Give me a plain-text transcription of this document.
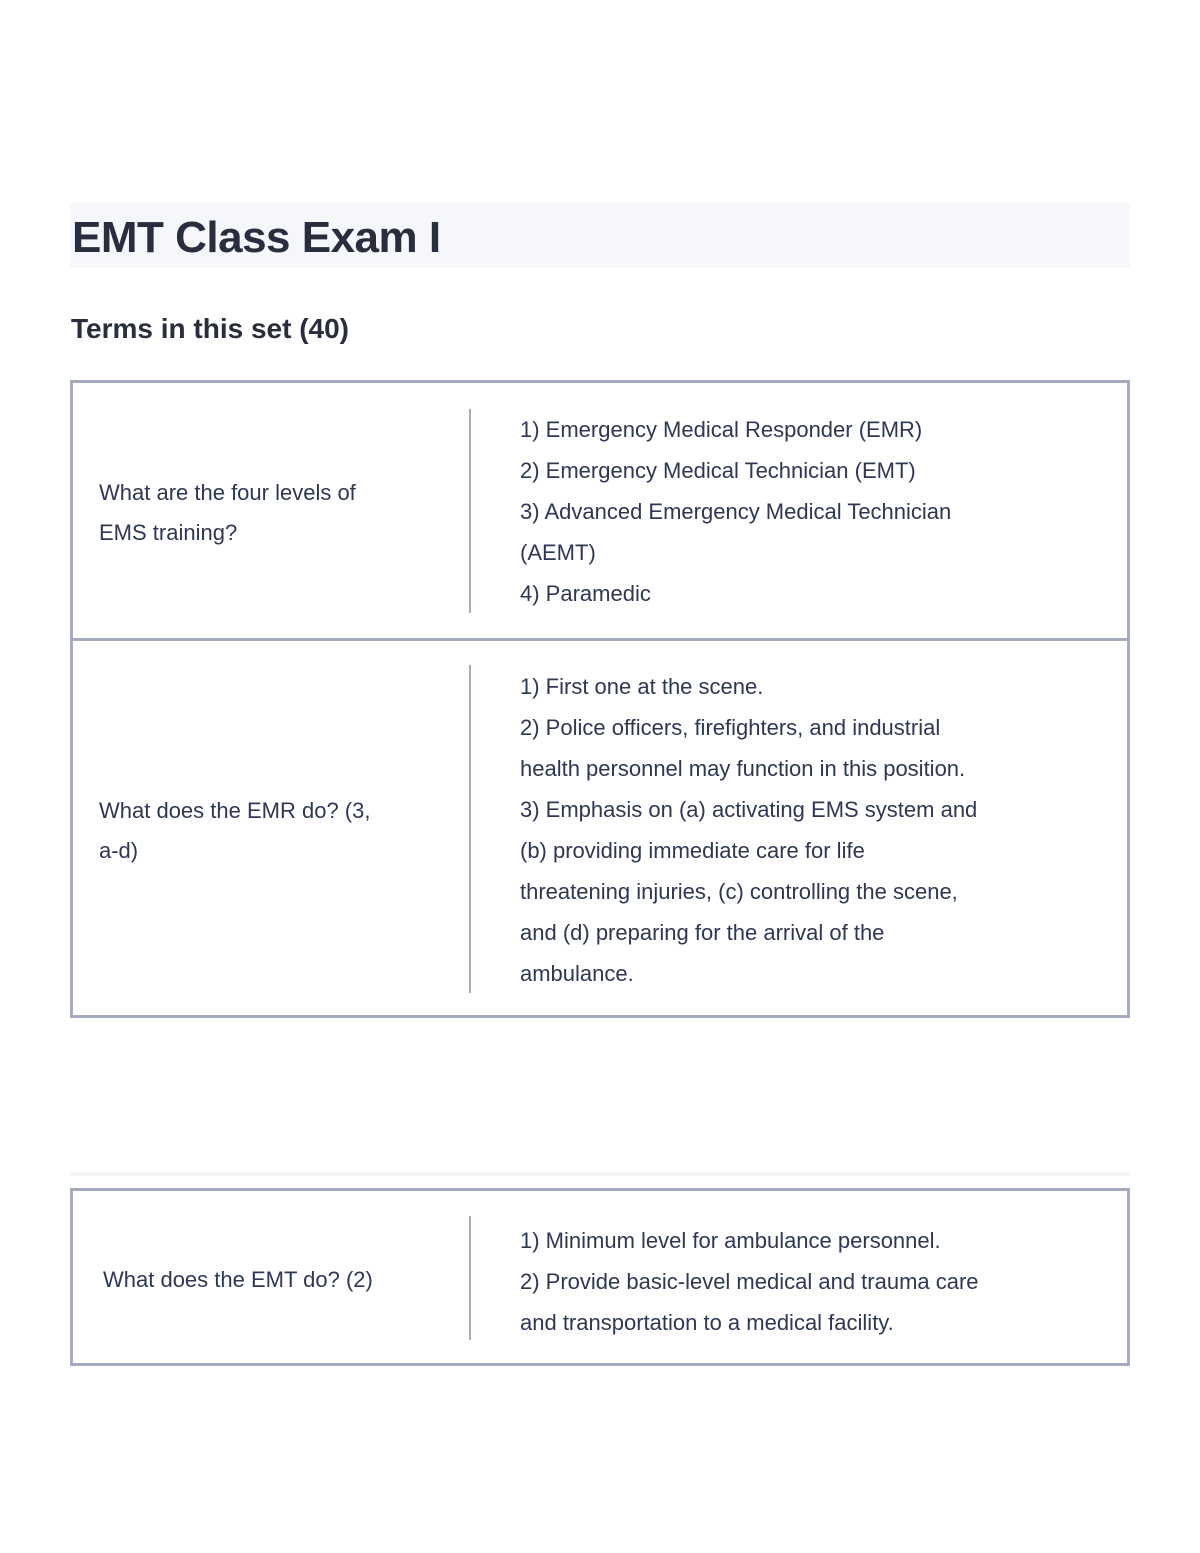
EMT Class Exam I
Terms in this set (40)
What are the four levels of
EMS training?
1) Emergency Medical Responder (EMR)
2) Emergency Medical Technician (EMT)
3) Advanced Emergency Medical Technician
(AEMT)
4) Paramedic
What does the EMR do? (3,
a-d)
1) First one at the scene.
2) Police officers, firefighters, and industrial
health personnel may function in this position.
3) Emphasis on (a) activating EMS system and
(b) providing immediate care for life
threatening injuries, (c) controlling the scene,
and (d) preparing for the arrival of the
ambulance.
What does the EMT do? (2)
1) Minimum level for ambulance personnel.
2) Provide basic-level medical and trauma care
and transportation to a medical facility.
